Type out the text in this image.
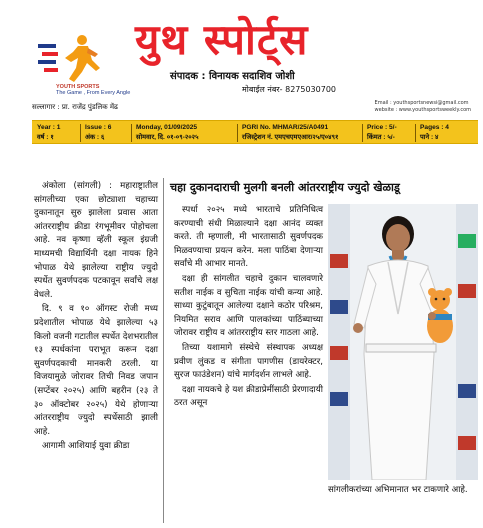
YOUTH SPORTS
The Game , From Every Angle
युथ स्पोर्ट्स
संपादक : विनायक सदाशिव जोशी
मोबाईल नंबर- 8275030700
सल्लागार : प्रा. राजेंद्र पुंडलिक मेंढ	Email : youthsportsnewsi@gmail.com
website : www.youthsportsweekly.com
Year : 1
वर्ष : १
Issue : 6
अंक : ६
Monday, 01/09/2025
सोमवार, दि. ०१-०९-२०२५
PGRI No. MHMAR/25/A0491
रजिस्ट्रेशन नं. एमएचएमएआर/२५/ए०४९१
Price : 5/-
किंमत : ५/-
Pages : 4
पाने : ४

अंकोला (सांगली) : महाराष्ट्रातील सांगलीच्या एका छोट्याशा चहाच्या दुकानातून सुरु झालेला प्रवास आता आंतरराष्ट्रीय क्रीडा रंगभूमीवर पोहोचला आहे. नव कृष्णा व्हॅली स्कूल इंग्रजी माध्यमची विद्यार्थिनी दक्षा नायक हिने भोपाळ येथे झालेल्या राष्ट्रीय ज्युदो स्पर्धेत सुवर्णपदक पटकावून सर्वांचे लक्ष वेधले.

दि. ९ व १० ऑगस्ट रोजी मध्य प्रदेशातील भोपाळ येथे झालेल्या ५३ किलो वजनी गटातील स्पर्धेत देशभरातील १३ स्पर्धकांना पराभूत करून दक्षा सुवर्णपदकाची मानकरी ठरली. या विजयामुळे जोरावर तिची निवड जपान (सप्टेंबर २०२५) आणि बहरीन (२३ ते ३० ऑक्टोबर २०२५) येथे होणाऱ्या आंतरराष्ट्रीय ज्युदो स्पर्धेसाठी झाली आहे.

आगामी आशियाई युवा क्रीडा

चहा दुकानदाराची मुलगी बनली आंतरराष्ट्रीय ज्युदो खेळाडू

स्पर्धा २०२५ मध्ये भारताचे प्रतिनिधित्व करण्याची संधी मिळाल्याने दक्षा आनंद व्यक्त करते. ती म्हणाली, मी भारतासाठी सुवर्णपदक मिळवण्याचा प्रयत्न करेन. मला पाठिंबा देणाऱ्या सर्वांचे मी आभार मानते.

दक्षा ही सांगलीत चहाचे दुकान चालवणारे सतीश नाईक व सुचिता नाईक यांची कन्या आहे. साध्या कुटुंबातून आलेल्या दक्षाने कठोर परिश्रम, नियमित सराव आणि पालकांच्या पाठिंब्याच्या जोरावर राष्ट्रीय व आंतरराष्ट्रीय स्तर गाठला आहे.

तिच्या यशामागे संस्थेचे संस्थापक अध्यक्ष प्रवीण लुंकड व संगीता पागणीस (डायरेक्टर, सुरज फाउंडेशन) यांचे मार्गदर्शन लाभले आहे.

दक्षा नायकचे हे यश क्रीडाप्रेमींसाठी प्रेरणादायी ठरत असून

सांगलीकरांच्या अभिमानात भर टाकणारे आहे.
